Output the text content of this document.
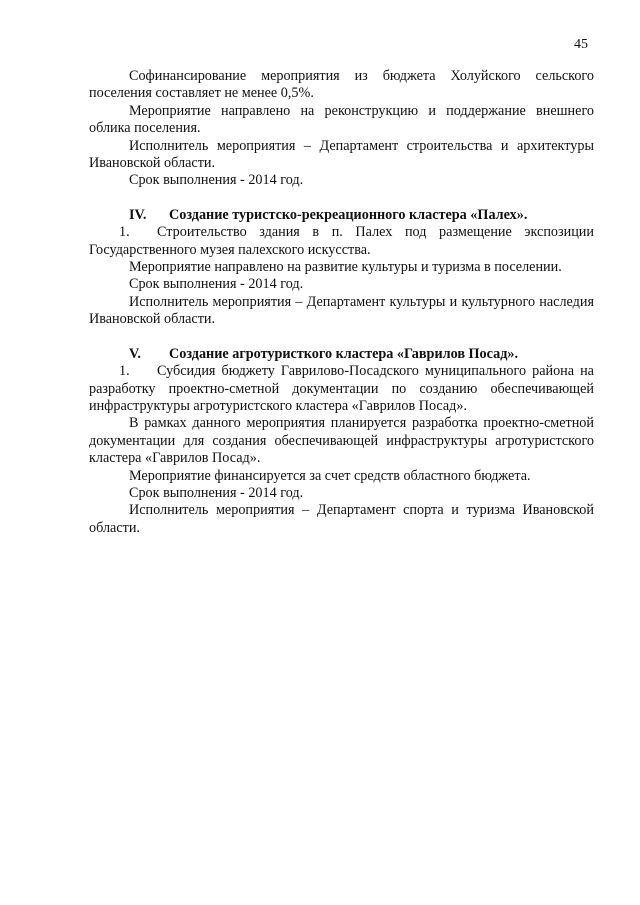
45

Софинансирование мероприятия из бюджета Холуйского сельского поселения составляет не менее 0,5%.

Мероприятие направлено на реконструкцию и поддержание внешнего облика поселения.

Исполнитель мероприятия – Департамент строительства и архитектуры Ивановской области.

Срок выполнения - 2014 год.

IV.	Создание туристско-рекреационного кластера «Палех».

1. Строительство здания в п. Палех под размещение экспозиции Государственного музея палехского искусства.

Мероприятие направлено на развитие культуры и туризма в поселении.

Срок выполнения - 2014 год.

Исполнитель мероприятия – Департамент культуры и культурного наследия Ивановской области.

V.	Создание агротуристкого кластера «Гаврилов Посад».

1. Субсидия бюджету Гаврилово-Посадского муниципального района на разработку проектно-сметной документации по созданию обеспечивающей инфраструктуры агротуристского кластера «Гаврилов Посад».

В рамках данного мероприятия планируется разработка проектно-сметной документации для создания обеспечивающей инфраструктуры агротуристского кластера «Гаврилов Посад».

Мероприятие финансируется за счет средств областного бюджета.

Срок выполнения - 2014 год.

Исполнитель мероприятия – Департамент спорта и туризма Ивановской области.
